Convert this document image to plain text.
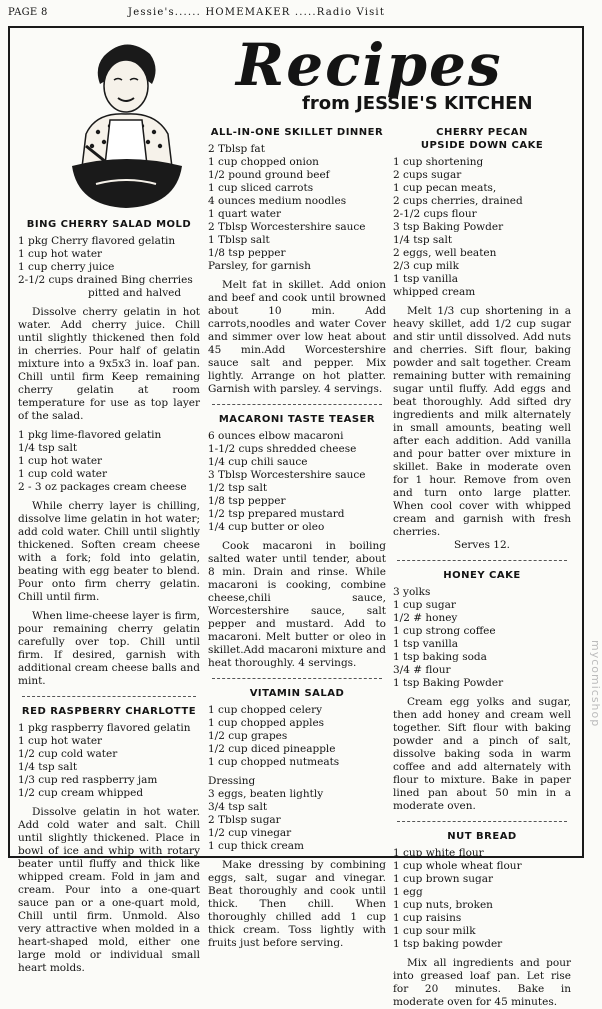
PAGE 8	Jessie's...... HOMEMAKER .....Radio Visit
Recipes
from JESSIE'S KITCHEN
BING CHERRY SALAD MOLD
1 pkg Cherry flavored gelatin
1 cup hot water
1 cup cherry juice
2-1/2 cups drained Bing cherries
pitted and halved

Dissolve cherry gelatin in hot water. Add cherry juice. Chill until slightly thickened then fold in cherries. Pour half of gelatin mixture into a 9x5x3 in. loaf pan. Chill until firm Keep remaining cherry gelatin at room temperature for use as top layer of the salad.

1 pkg lime-flavored gelatin
1/4 tsp salt
1 cup hot water
1 cup cold water
2 - 3 oz packages cream cheese

While cherry layer is chilling, dissolve lime gelatin in hot water; add cold water. Chill until slightly thickened. Soften cream cheese with a fork; fold into gelatin, beating with egg beater to blend. Pour onto firm cherry gelatin. Chill until firm.

When lime-cheese layer is firm, pour remaining cherry gelatin carefully over top. Chill until firm. If desired, garnish with additional cream cheese balls and mint.

RED RASPBERRY CHARLOTTE
1 pkg raspberry flavored gelatin
1 cup hot water
1/2 cup cold water
1/4 tsp salt
1/3 cup red raspberry jam
1/2 cup cream whipped

Dissolve gelatin in hot water. Add cold water and salt. Chill until slightly thickened. Place in bowl of ice and whip with rotary beater until fluffy and thick like whipped cream. Fold in jam and cream. Pour into a one-quart sauce pan or a one-quart mold, Chill until firm. Unmold. Also very attractive when molded in a heart-shaped mold, either one large mold or individual small heart molds.

ALL-IN-ONE SKILLET DINNER
2 Tblsp fat
1 cup chopped onion
1/2 pound ground beef
1 cup sliced carrots
4 ounces medium noodles
1 quart water
2 Tblsp Worcestershire sauce
1 Tblsp salt
1/8 tsp pepper
Parsley, for garnish

Melt fat in skillet. Add onion and beef and cook until browned about 10 min. Add carrots,noodles and water Cover and simmer over low heat about 45 min.Add Worcestershire sauce salt and pepper. Mix lightly. Arrange on hot platter. Garnish with parsley. 4 servings.

MACARONI TASTE TEASER
6 ounces elbow macaroni
1-1/2 cups shredded cheese
1/4 cup chili sauce
3 Tblsp Worcestershire sauce
1/2 tsp salt
1/8 tsp pepper
1/2 tsp prepared mustard
1/4 cup butter or oleo

Cook macaroni in boiling salted water until tender, about 8 min. Drain and rinse. While macaroni is cooking, combine cheese,chili sauce, Worcestershire sauce, salt pepper and mustard. Add to macaroni. Melt butter or oleo in skillet.Add macaroni mixture and heat thoroughly. 4 servings.

VITAMIN SALAD
1 cup chopped celery
1 cup chopped apples
1/2 cup grapes
1/2 cup diced pineapple
1 cup chopped nutmeats
Dressing
3 eggs, beaten lightly
3/4 tsp salt
2 Tblsp sugar
1/2 cup vinegar
1 cup thick cream

Make dressing by combining eggs, salt, sugar and vinegar. Beat thoroughly and cook until thick. Then chill. When thoroughly chilled add 1 cup thick cream. Toss lightly with fruits just before serving.

CHERRY PECAN
UPSIDE DOWN CAKE
1 cup shortening
2 cups sugar
1 cup pecan meats,
2 cups cherries, drained
2-1/2 cups flour
3 tsp Baking Powder
1/4 tsp salt
2 eggs, well beaten
2/3 cup milk
1 tsp vanilla
whipped cream

Melt 1/3 cup shortening in a heavy skillet, add 1/2 cup sugar and stir until dissolved. Add nuts and cherries. Sift flour, baking powder and salt together. Cream remaining butter with remaining sugar until fluffy. Add eggs and beat thoroughly. Add sifted dry ingredients and milk alternately in small amounts, beating well after each addition. Add vanilla and pour batter over mixture in skillet. Bake in moderate oven for 1 hour. Remove from oven and turn onto large platter. When cool cover with whipped cream and garnish with fresh cherries.

Serves 12.
HONEY CAKE
3 yolks
1 cup sugar
1/2 # honey
1 cup strong coffee
1 tsp vanilla
1 tsp baking soda
3/4 # flour
1 tsp Baking Powder

Cream egg yolks and sugar, then add honey and cream well together. Sift flour with baking powder and a pinch of salt, dissolve baking soda in warm coffee and add alternately with flour to mixture. Bake in paper lined pan about 50 min in a moderate oven.

NUT BREAD
1 cup white flour
1 cup whole wheat flour
1 cup brown sugar
1 egg
1 cup nuts, broken
1 cup raisins
1 cup sour milk
1 tsp baking powder

Mix all ingredients and pour into greased loaf pan. Let rise for 20 minutes. Bake in moderate oven for 45 minutes.

mycomicshop
